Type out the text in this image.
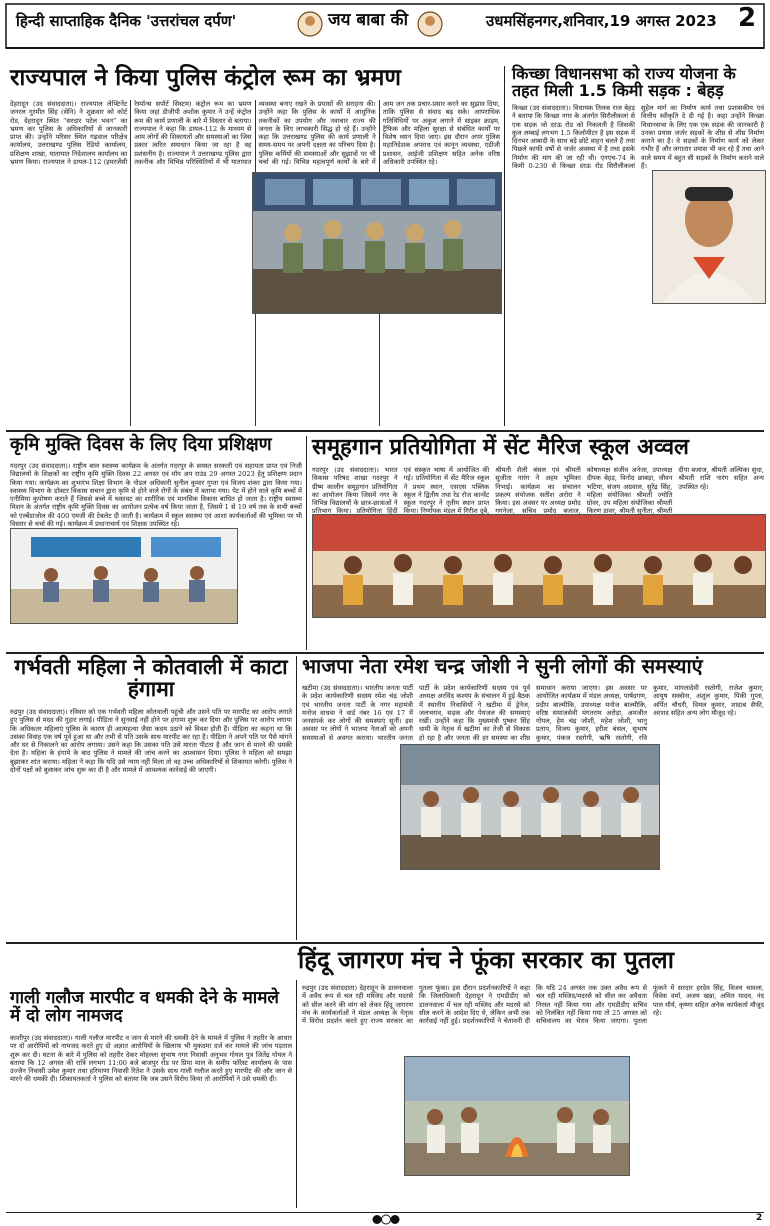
हिन्दी साप्ताहिक दैनिक 'उत्तरांचल दर्पण'	जय बाबा की	उधमसिंहनगर,शनिवार,19 अगस्त 2023 2
राज्यपाल ने किया पुलिस कंट्रोल रूम का भ्रमण
देहरादून (उद संवाददाता)। राज्यपाल लेफ्टिनेंट जनरल गुरमीत सिंह (सेनि) ने शुक्रवार को कोर्ट रोड, देहरादून स्थित “सरदार पटेल भवन” का भ्रमण कर पुलिस के अधिकारियों से जानकारी प्राप्त की। उन्होंने परिसर स्थित गढ़वाल परिक्षेत्र कार्यालय, उत्तराखण्ड पुलिस रेडियो कार्यालय, प्रशिक्षण शाखा, यातायात निदेशालय कार्यालय का भ्रमण किया। राज्यपाल ने डायल-112 (इमरजेंसी रेस्पॉन्स सपोर्ट सिस्टम) कंट्रोल रूम का भ्रमण किया जहां डीजीपी अशोक कुमार ने उन्हें कंट्रोल रूम की कार्य प्रणाली के बारे में विस्तार से बताया। राज्यपाल ने कहा कि डायल-112 के माध्यम से आम लोगों की शिकायतों और समस्याओं का जिस प्रकार त्वरित समाधान किया जा रहा है वह प्रशंसनीय है। राज्यपाल ने उत्तराखण्ड पुलिस द्वारा तकनीक और विभिन्न परिस्थितियों में भी यातायात व्यवस्था बनाए रखने के प्रयासों की सराहना की। उन्होंने कहा कि पुलिस के कार्यों में आधुनिक तकनीकों का उपयोग और नवाचार राज्य की जनता के लिए लाभकारी सिद्ध हो रहे हैं। उन्होंने कहा कि उत्तराखण्ड पुलिस की कार्य प्रणाली ने समय-समय पर अपनी दक्षता का परिचय दिया है। पुलिस कर्मियों की समस्याओं और सुझावों पर भी चर्चा की गई। विभिन्न महत्वपूर्ण कार्यों के बारे में आम जन तक प्रचार-प्रसार करने का सुझाव दिया, ताकि पुलिस से संवाद बढ़ सके। आपराधिक गतिविधियों पर अंकुश लगाने में साइबर क्राइम, ट्रैफिक और महिला सुरक्षा से संबंधित कार्यों पर विशेष ध्यान दिया जाए। इस दौरान अपर पुलिस महानिदेशक अपराध एवं कानून व्यवस्था, एडीजी प्रशासन, आईजी प्रशिक्षण सहित अनेक वरिष्ठ अधिकारी उपस्थित रहे।
किच्छा विधानसभा को राज्य योजना के तहत मिली 1.5 किमी सड़क : बेहड़
किच्छा (उद संवाददाता)। विधायक तिलक राज बेहड़ ने बताया कि किच्छा नगर के अंतर्गत सिरौलीकलां से एक सड़क जो दरऊ रोड को निकलती है जिसकी कुल लम्बाई लगभग 1.5 किलोमीटर है इस सड़क में दिनभर आबादी के साथ बड़े छोटे वाहन चलते हैं तथा पिछले काफी वर्षों से जर्जर अवस्था में है तथा इसके निर्माण की मांग की जा रही थी। एनएच-74 के किमी 0-230 से किच्छा दरऊ रोड सिरौलीकलां सुहेल मार्ग का निर्माण कार्य तथा प्रशासकीय एवं वित्तीय स्वीकृति दे दी गई है। कहा उन्होंने किच्छा विधानसभा के लिए एक एक सड़क की जानकारी है उनका प्रयास जर्जर सड़कों के शीघ्र से शीघ्र निर्माण कराने का है। वे सड़कों के निर्माण कार्य को लेकर गंभीर हैं और लगातार प्रयास भी कर रहे हैं तथा आने वाले समय में बहुत सी सड़कों के निर्माण कराने वाले हैं।
कृमि मुक्ति दिवस के लिए दिया प्रशिक्षण
गदरपुर (उद संवाददाता)। राष्ट्रीय बाल स्वास्थ्य कार्यक्रम के अंतर्गत गदरपुर के समस्त सरकारी एवं सहायता प्राप्त एवं निजी विद्यालयों के शिक्षकों का राष्ट्रीय कृमि मुक्ति दिवस 22 अगस्त एवं मॉप अप राउंड 29 अगस्त 2023 हेतु प्रशिक्षण प्रदान किया गया। कार्यक्रम का शुभारंभ शिक्षा विभाग के नोडल अधिकारी सुनील कुमार गुप्ता एवं विजय शंकर द्वारा किया गया। स्वास्थ्य विभाग के डॉक्टर विकास सचान द्वारा कृमि से होने वाले रोगों के संबंध में बताया गया। पेट में होने वाले कृमि बच्चों में एनीमिया कुपोषण कराते हैं जिससे बच्चे में थकावट का शारीरिक एवं मानसिक विकास बाधित हो जाता है। राष्ट्रीय स्वास्थ्य मिशन के अंतर्गत राष्ट्रीय कृमि मुक्ति दिवस का आयोजन प्रत्येक वर्ष किया जाता है, जिसमें 1 से 19 वर्ष तक के सभी बच्चों को एल्बेंडाजोल की 400 एमजी की टेबलेट दी जाती है। कार्यक्रम में स्कूल स्वास्थ्य एवं आशा कार्यकर्ताओं की भूमिका पर भी विस्तार से चर्चा की गई। कार्यक्रम में प्रधानाचार्य एवं शिक्षक उपस्थित रहे।
समूहगान प्रतियोगिता में सेंट मैरिज स्कूल अव्वल
गदरपुर (उद संवाददाता)। भारत विकास परिषद शाखा गदरपुर ने ग्रीष्म कालीन समूहगान प्रतियोगिता का आयोजन किया जिसमें नगर के विभिन्न विद्यालयों के छात्र-छात्राओं ने प्रतिभाग किया। प्रतियोगिता हिंदी एवं संस्कृत भाषा में आयोजित की गई। प्रतियोगिता में सेंट मैरिज स्कूल ने प्रथम स्थान, एसएस पब्लिक स्कूल ने द्वितीय तथा रेड रोज कान्वेंट स्कूल गदरपुर ने तृतीय स्थान प्राप्त किया। निर्णायक मंडल में गिरीश दुबे, श्रीमती शैली बंसल एवं श्रीमती सुजीता नारंग ने अहम भूमिका निभाई। कार्यक्रम का संचालन प्रकल्प संयोजक सतीश अरोरा ने किया। इस अवसर पर अध्यक्ष प्रमोद गगनेजा, सचिव प्रमोद बजाज, कोषाध्यक्ष संजीव अनेजा, उपाध्यक्ष दीपक बेहड़, विनोद छाबड़ा, जीवन भटिया, संजय अग्रवाल, सुरेंद्र सिंह, महिला संयोजिका श्रीमती ज्योति ग्रोवर, उप महिला संयोजिका श्रीमती किरण डावर, श्रीमती सुनीता, श्रीमती दीपा बजाज, श्रीमती अल्पिका सुधा, श्रीमती राशि नारंग सहित अन्य उपस्थित रहे।
गर्भवती महिला ने कोतवाली में काटा हंगामा
रुद्रपुर (उद संवाददाता)। रविवार को एक गर्भवती महिला कोतवाली पहुंची और उसने पति पर मारपीट का आरोप लगाते हुए पुलिस से मदद की गुहार लगाई। पीड़िता ने सुनवाई नहीं होने पर हंगामा शुरू कर दिया और पुलिस पर आरोप लगाया कि अधिकतर महिलाएं पुलिस के कारण ही आत्महत्या जैसा कदम उठाने को विवश होती हैं। पीड़िता का कहना था कि उसका विवाह एक वर्ष पूर्व हुआ था और तभी से पति उसके साथ मारपीट कर रहा है। पीड़िता ने अपने पति पर पैसे मांगने और घर से निकालने का आरोप लगाया। उसने कहा कि उसका पति उसे मारता पीटता है और जान से मारने की धमकी देता है। महिला के हंगामे के बाद पुलिस ने मामले की जांच करने का आश्वासन दिया। पुलिस ने महिला को समझा बुझाकर शांत कराया। महिला ने कहा कि यदि उसे न्याय नहीं मिला तो वह उच्च अधिकारियों से शिकायत करेगी। पुलिस ने दोनों पक्षों को बुलाकर जांच शुरू कर दी है और मामले में आवश्यक कार्रवाई की जाएगी।
भाजपा नेता रमेश चन्द्र जोशी ने सुनी लोगों की समस्याएं
खटीमा (उद संवाददाता)। भारतीय जनता पार्टी के प्रदेश कार्यकारिणी सदस्य रमेश चंद्र जोशी एवं भारतीय जनता पार्टी के नगर महामंत्री मनोज वाधवा ने वार्ड नंबर 16 एवं 17 में जनसंपर्क कर लोगों की समस्याएं सुनीं। इस अवसर पर लोगों ने भाजपा नेताओं को अपनी समस्याओं से अवगत कराया। भारतीय जनता पार्टी के प्रदेश कार्यकारिणी सदस्य एवं पूर्व अध्यक्ष अरविंद कश्यप के संचालन में हुई बैठक में स्थानीय निवासियों ने खटीमा में ड्रेनेज, जलभराव, सड़क और पेयजल की समस्याएं रखीं। उन्होंने कहा कि मुख्यमंत्री पुष्कर सिंह धामी के नेतृत्व में खटीमा का तेजी से विकास हो रहा है और जनता की हर समस्या का शीघ्र समाधान कराया जाएगा। इस अवसर पर आयोजित कार्यक्रम में मंडल अध्यक्ष, पार्षदगण, प्रदीप बाल्मीकि, उपाध्यक्ष मनोज बाल्मीकि, वरिष्ठ समाजसेवी मंगतराम अरोड़ा, अमजीत गोयल, हेम चंद्र जोशी, महेश जोशी, भानु प्रताप, विजय कुमार, हरीश बंसल, सुभाष कुमार, पंकज रस्तोगी, ऋषि रस्तोगी, रवि कुमार, मांगलादेवी रस्तोगी, राजेश कुमार, आयुष सक्सेना, अंशुल कुमार, पिंकी गुप्ता, अर्पित चौधरी, विमल कुमार, शादाब सैफी, अरशद सहित अन्य लोग मौजूद रहे।
गाली गलौज मारपीट व धमकी देने के मामले में दो लोग नामजद
काशीपुर (उद संवाददाता)। गाली गलौज मारपीट व जान से मारने की धमकी देने के मामले में पुलिस ने तहरीर के आधार पर दो आरोपियों को नामजद करते हुए दो अज्ञात आरोपियों के खिलाफ भी मुकदमा दर्ज कर मामले की जांच पड़ताल शुरू कर दी। घटना के बारे में पुलिस को तहरीर देकर मोहल्ला सुभाष नगर निवासी अनुभव गोयल पुत्र जितेंद्र गोयल ने बताया कि 12 अगस्त की रात्रि लगभग 11:00 बजे बाजपुर रोड पर प्रिया माल के समीप फॉरेस्ट कार्यालय के पास उज्जैन निवासी उमेश कुमार तथा हरियाणा निवासी रितेश ने उसके साथ गाली गलौज करते हुए मारपीट की और जान से मारने की धमकी दी। शिकायतकर्ता ने पुलिस को बताया कि जब उसने विरोध किया तो आरोपियों ने उसे धमकी दी।
हिंदू जागरण मंच ने फूंका सरकार का पुतला
रुद्रपुर (उद संवाददाता) देहरादून के डालनवाला में अवैध रूप से चल रही मस्जिद और मदरसे को सील करने की मांग को लेकर हिंदू जागरण मंच के कार्यकर्ताओं ने मंडल अध्यक्ष के नेतृत्व में विरोध प्रदर्शन करते हुए राज्य सरकार का पुतला फूंका। इस दौरान प्रदर्शनकारियों ने कहा कि जिलाधिकारी देहरादून ने एमडीडीए को डालनवाला में चल रही मस्जिद और मदरसे को सील करने के आदेश दिए थे, लेकिन अभी तक कार्रवाई नहीं हुई। प्रदर्शनकारियों ने चेतावनी दी कि यदि 24 अगस्त तक उक्त अवैध रूप से चल रही मस्जिद/मदरसे को सील कर अवैधता निरस्त नहीं किया गया और एमडीडीए सचिव को निलंबित नहीं किया गया तो 25 अगस्त को सचिवालय का घेराव किया जाएगा। पुतला फूंकने में सरदार हरदेव सिंह, विजय चावला, विवेक वर्मा, अजय खन्ना, अमित यादव, नंद पाल मौर्य, कृष्णा सहित अनेक कार्यकर्ता मौजूद रहे।
2
